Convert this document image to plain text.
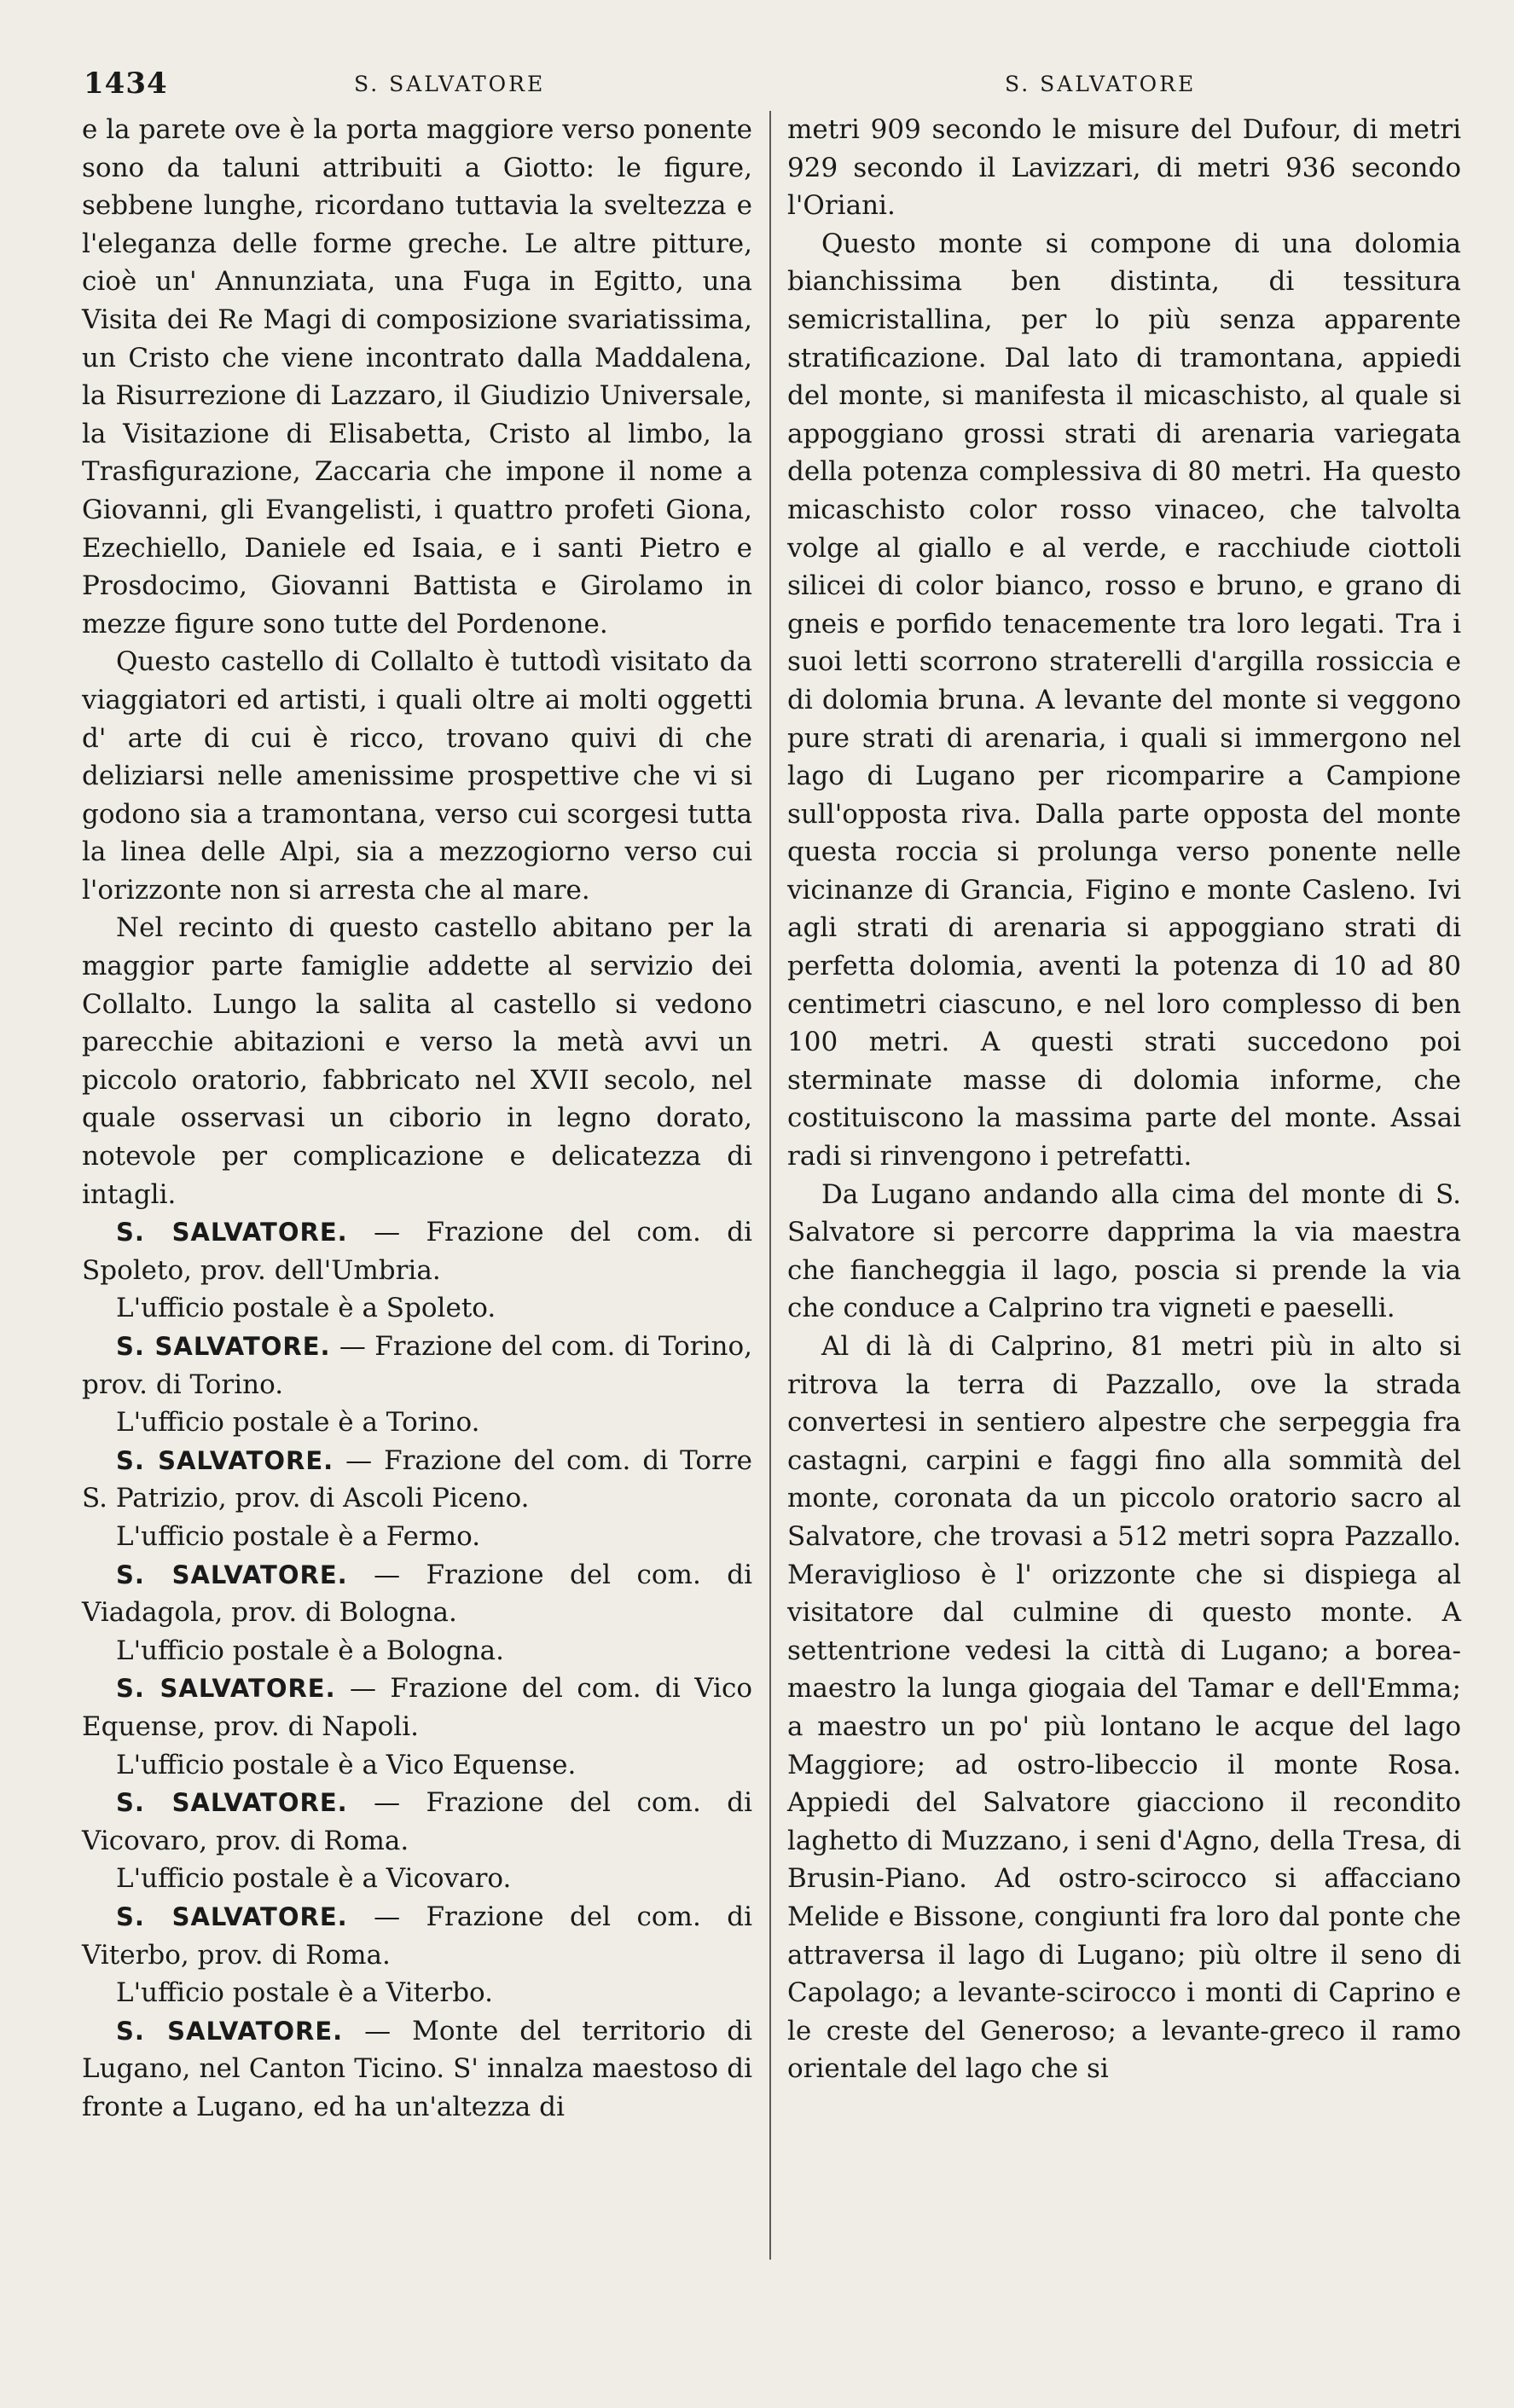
1434	S. SALVATORE	S. SALVATORE

e la parete ove è la porta maggiore verso ponente sono da taluni attribuiti a Giotto: le figure, sebbene lunghe, ricordano tuttavia la sveltezza e l'eleganza delle forme greche. Le altre pitture, cioè un' Annunziata, una Fuga in Egitto, una Visita dei Re Magi di composizione svariatissima, un Cristo che viene incontrato dalla Maddalena, la Risurrezione di Lazzaro, il Giudizio Universale, la Visitazione di Elisabetta, Cristo al limbo, la Trasfigurazione, Zaccaria che impone il nome a Giovanni, gli Evangelisti, i quattro profeti Giona, Ezechiello, Daniele ed Isaia, e i santi Pietro e Prosdocimo, Giovanni Battista e Girolamo in mezze figure sono tutte del Pordenone.

Questo castello di Collalto è tuttodì visitato da viaggiatori ed artisti, i quali oltre ai molti oggetti d' arte di cui è ricco, trovano quivi di che deliziarsi nelle amenissime prospettive che vi si godono sia a tramontana, verso cui scorgesi tutta la linea delle Alpi, sia a mezzogiorno verso cui l'orizzonte non si arresta che al mare.

Nel recinto di questo castello abitano per la maggior parte famiglie addette al servizio dei Collalto. Lungo la salita al castello si vedono parecchie abitazioni e verso la metà avvi un piccolo oratorio, fabbricato nel XVII secolo, nel quale osservasi un ciborio in legno dorato, notevole per complicazione e delicatezza di intagli.

S. SALVATORE. — Frazione del com. di Spoleto, prov. dell'Umbria.

L'ufficio postale è a Spoleto.

S. SALVATORE. — Frazione del com. di Torino, prov. di Torino.

L'ufficio postale è a Torino.

S. SALVATORE. — Frazione del com. di Torre S. Patrizio, prov. di Ascoli Piceno.

L'ufficio postale è a Fermo.

S. SALVATORE. — Frazione del com. di Viadagola, prov. di Bologna.

L'ufficio postale è a Bologna.

S. SALVATORE. — Frazione del com. di Vico Equense, prov. di Napoli.

L'ufficio postale è a Vico Equense.

S. SALVATORE. — Frazione del com. di Vicovaro, prov. di Roma.

L'ufficio postale è a Vicovaro.

S. SALVATORE. — Frazione del com. di Viterbo, prov. di Roma.

L'ufficio postale è a Viterbo.

S. SALVATORE. — Monte del territorio di Lugano, nel Canton Ticino. S' innalza maestoso di fronte a Lugano, ed ha un'altezza di

metri 909 secondo le misure del Dufour, di metri 929 secondo il Lavizzari, di metri 936 secondo l'Oriani.

Questo monte si compone di una dolomia bianchissima ben distinta, di tessitura semicristallina, per lo più senza apparente stratificazione. Dal lato di tramontana, appiedi del monte, si manifesta il micaschisto, al quale si appoggiano grossi strati di arenaria variegata della potenza complessiva di 80 metri. Ha questo micaschisto color rosso vinaceo, che talvolta volge al giallo e al verde, e racchiude ciottoli silicei di color bianco, rosso e bruno, e grano di gneis e porfido tenacemente tra loro legati. Tra i suoi letti scorrono straterelli d'argilla rossiccia e di dolomia bruna. A levante del monte si veggono pure strati di arenaria, i quali si immergono nel lago di Lugano per ricomparire a Campione sull'opposta riva. Dalla parte opposta del monte questa roccia si prolunga verso ponente nelle vicinanze di Grancia, Figino e monte Casleno. Ivi agli strati di arenaria si appoggiano strati di perfetta dolomia, aventi la potenza di 10 ad 80 centimetri ciascuno, e nel loro complesso di ben 100 metri. A questi strati succedono poi sterminate masse di dolomia informe, che costituiscono la massima parte del monte. Assai radi si rinvengono i petrefatti.

Da Lugano andando alla cima del monte di S. Salvatore si percorre dapprima la via maestra che fiancheggia il lago, poscia si prende la via che conduce a Calprino tra vigneti e paeselli.

Al di là di Calprino, 81 metri più in alto si ritrova la terra di Pazzallo, ove la strada convertesi in sentiero alpestre che serpeggia fra castagni, carpini e faggi fino alla sommità del monte, coronata da un piccolo oratorio sacro al Salvatore, che trovasi a 512 metri sopra Pazzallo. Meraviglioso è l' orizzonte che si dispiega al visitatore dal culmine di questo monte. A settentrione vedesi la città di Lugano; a borea-maestro la lunga giogaia del Tamar e dell'Emma; a maestro un po' più lontano le acque del lago Maggiore; ad ostro-libeccio il monte Rosa. Appiedi del Salvatore giacciono il recondito laghetto di Muzzano, i seni d'Agno, della Tresa, di Brusin-Piano. Ad ostro-scirocco si affacciano Melide e Bissone, congiunti fra loro dal ponte che attraversa il lago di Lugano; più oltre il seno di Capolago; a levante-scirocco i monti di Caprino e le creste del Generoso; a levante-greco il ramo orientale del lago che si
